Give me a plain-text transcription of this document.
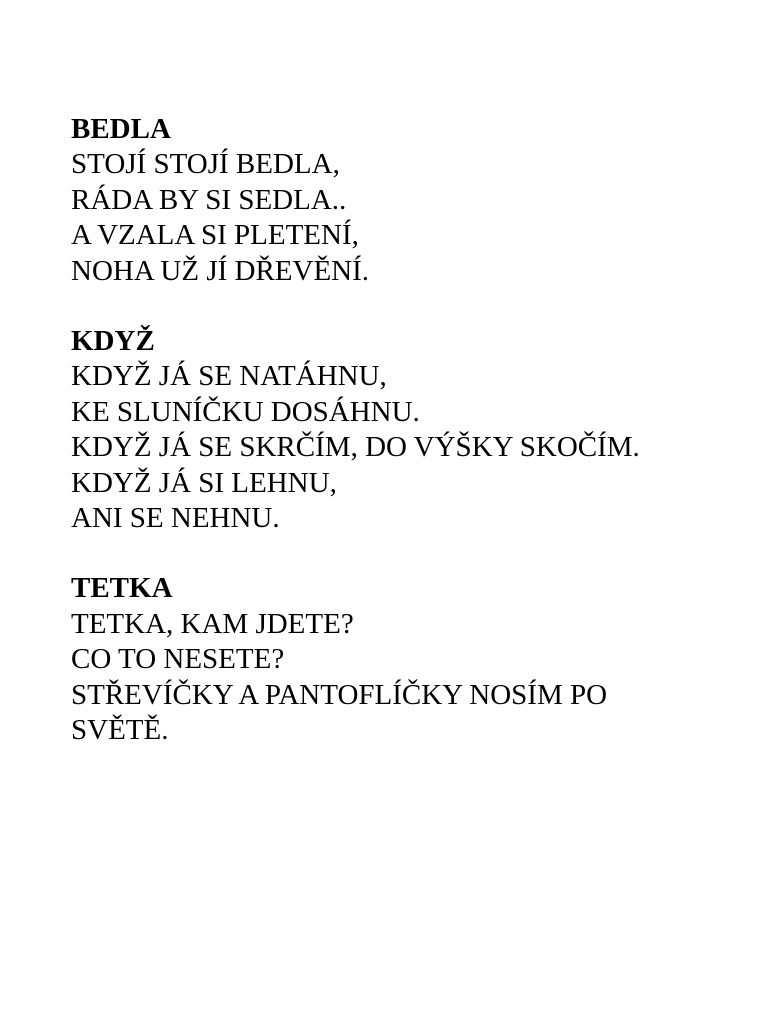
BEDLA
STOJÍ STOJÍ BEDLA,
RÁDA BY SI SEDLA..
A VZALA SI PLETENÍ,
NOHA UŽ JÍ DŘEVĚNÍ.
KDYŽ
KDYŽ JÁ SE NATÁHNU,
KE SLUNÍČKU DOSÁHNU.
KDYŽ JÁ SE SKRČÍM, DO VÝŠKY SKOČÍM.
KDYŽ JÁ SI LEHNU,
ANI SE NEHNU.
TETKA
TETKA, KAM JDETE?
CO TO NESETE?
STŘEVÍČKY A PANTOFLÍČKY NOSÍM PO
SVĚTĚ.
